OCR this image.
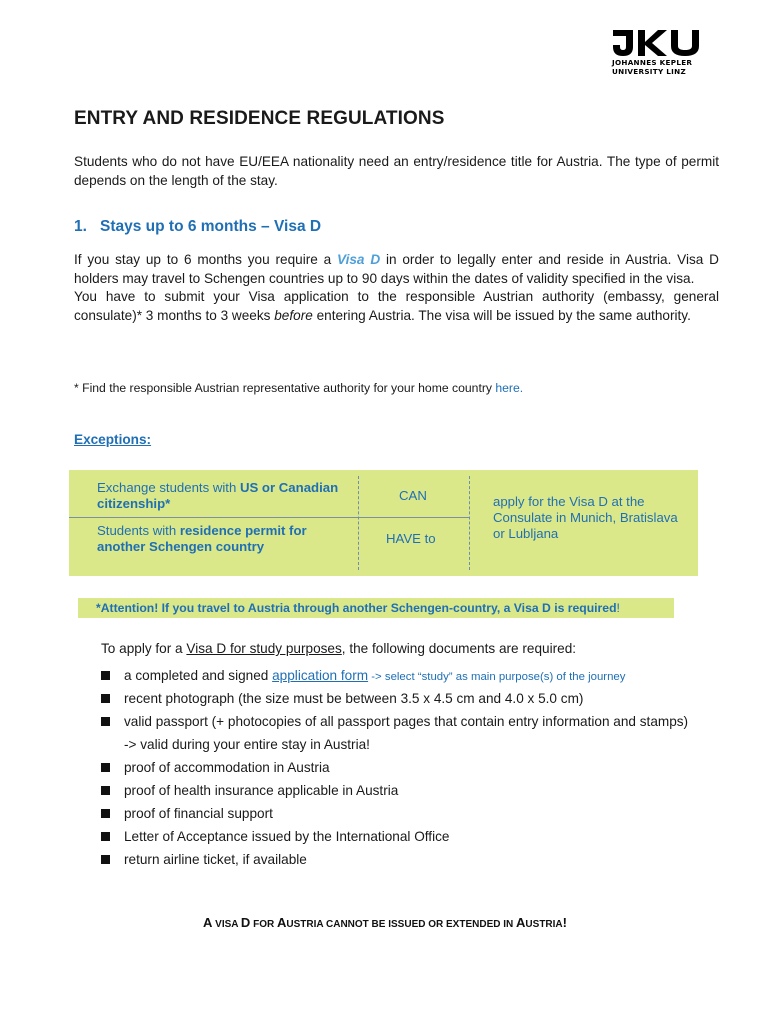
JOHANNES KEPLER
UNIVERSITY LINZ
ENTRY AND RESIDENCE REGULATIONS
Students who do not have EU/EEA nationality need an entry/residence title for Austria. The type of permit depends on the length of the stay.
1. Stays up to 6 months – Visa D
If you stay up to 6 months you require a Visa D in order to legally enter and reside in Austria. Visa D holders may travel to Schengen countries up to 90 days within the dates of validity specified in the visa.
You have to submit your Visa application to the responsible Austrian authority (embassy, general consulate)* 3 months to 3 weeks before entering Austria. The visa will be issued by the same authority.
* Find the responsible Austrian representative authority for your home country here.
Exceptions:
Exchange students with US or Canadian citizenship*
CAN
Students with residence permit for another Schengen country
HAVE to
apply for the Visa D at the Consulate in Munich, Bratislava or Lubljana
*Attention! If you travel to Austria through another Schengen-country, a Visa D is required!
To apply for a Visa D for study purposes, the following documents are required:
a completed and signed application form -> select “study” as main purpose(s) of the journey
recent photograph (the size must be between 3.5 x 4.5 cm and 4.0 x 5.0 cm)
valid passport (+ photocopies of all passport pages that contain entry information and stamps)
-> valid during your entire stay in Austria!
proof of accommodation in Austria
proof of health insurance applicable in Austria
proof of financial support
Letter of Acceptance issued by the International Office
return airline ticket, if available
A VISA D FOR AUSTRIA CANNOT BE ISSUED OR EXTENDED IN AUSTRIA!
